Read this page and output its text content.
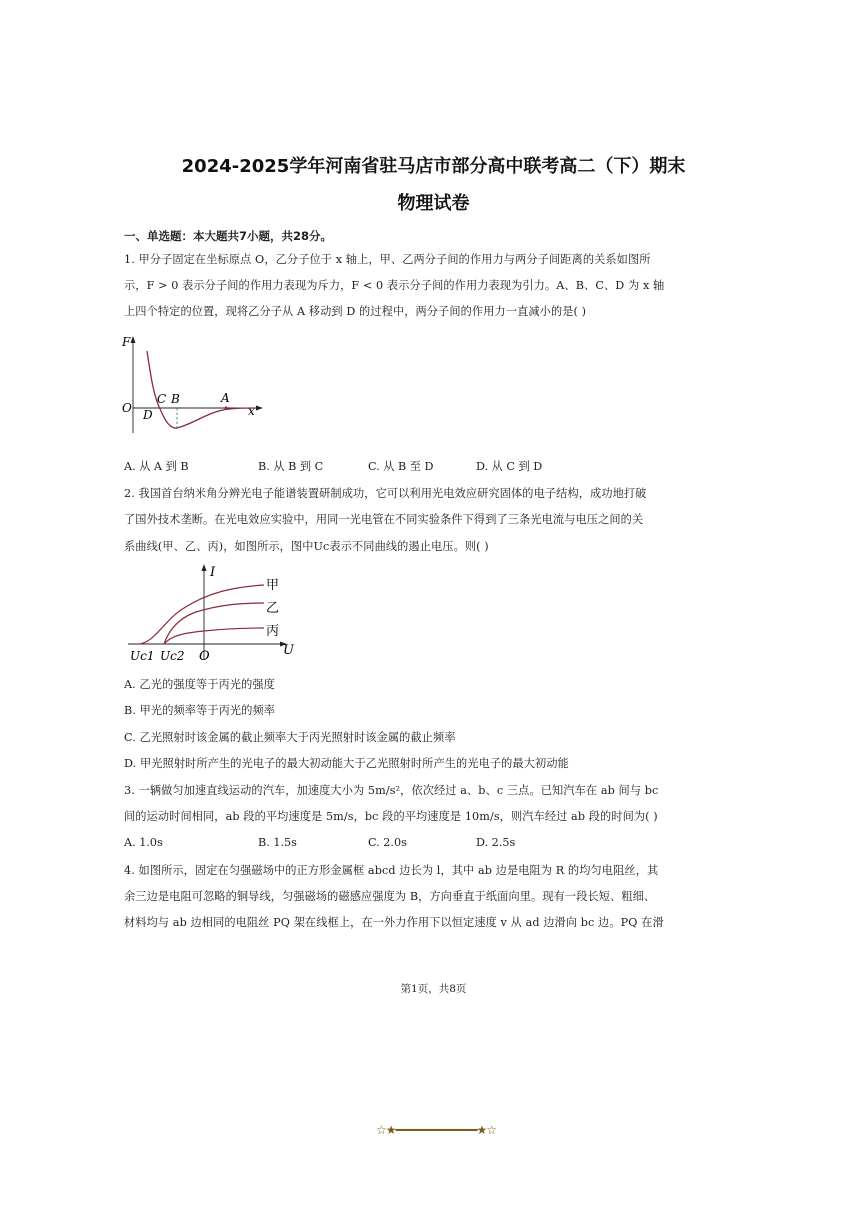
2024-2025学年河南省驻马店市部分高中联考高二（下）期末
物理试卷
一、单选题：本大题共7小题，共28分。
1. 甲分子固定在坐标原点 O，乙分子位于 x 轴上，甲、乙两分子间的作用力与两分子间距离的关系如图所
示，F > 0 表示分子间的作用力表现为斥力，F < 0 表示分子间的作用力表现为引力。A、B、C、D 为 x 轴
上四个特定的位置，现将乙分子从 A 移动到 D 的过程中，两分子间的作用力一直减小的是( )
F
O
C B	A
D	x
A. 从 A 到 B	B. 从 B 到 C	C. 从 B 至 D	D. 从 C 到 D
2. 我国首台纳米角分辨光电子能谱装置研制成功，它可以利用光电效应研究固体的电子结构，成功地打破
了国外技术垄断。在光电效应实验中，用同一光电管在不同实验条件下得到了三条光电流与电压之间的关
系曲线(甲、乙、丙)，如图所示，图中Uc表示不同曲线的遏止电压。则( )
I
U
O
Uc1 Uc2
甲
乙
丙
A. 乙光的强度等于丙光的强度
B. 甲光的频率等于丙光的频率
C. 乙光照射时该金属的截止频率大于丙光照射时该金属的截止频率
D. 甲光照射时所产生的光电子的最大初动能大于乙光照射时所产生的光电子的最大初动能
3. 一辆做匀加速直线运动的汽车，加速度大小为 5m/s²，依次经过 a、b、c 三点。已知汽车在 ab 间与 bc
间的运动时间相同，ab 段的平均速度是 5m/s，bc 段的平均速度是 10m/s，则汽车经过 ab 段的时间为( )
A. 1.0s	B. 1.5s	C. 2.0s	D. 2.5s
4. 如图所示，固定在匀强磁场中的正方形金属框 abcd 边长为 l，其中 ab 边是电阻为 R 的均匀电阻丝，其
余三边是电阻可忽略的铜导线，匀强磁场的磁感应强度为 B，方向垂直于纸面向里。现有一段长短、粗细、
材料均与 ab 边相同的电阻丝 PQ 架在线框上，在一外力作用下以恒定速度 v 从 ad 边滑向 bc 边。PQ 在滑
第1页，共8页
☆★━━━━━━━━━━━━━★☆
